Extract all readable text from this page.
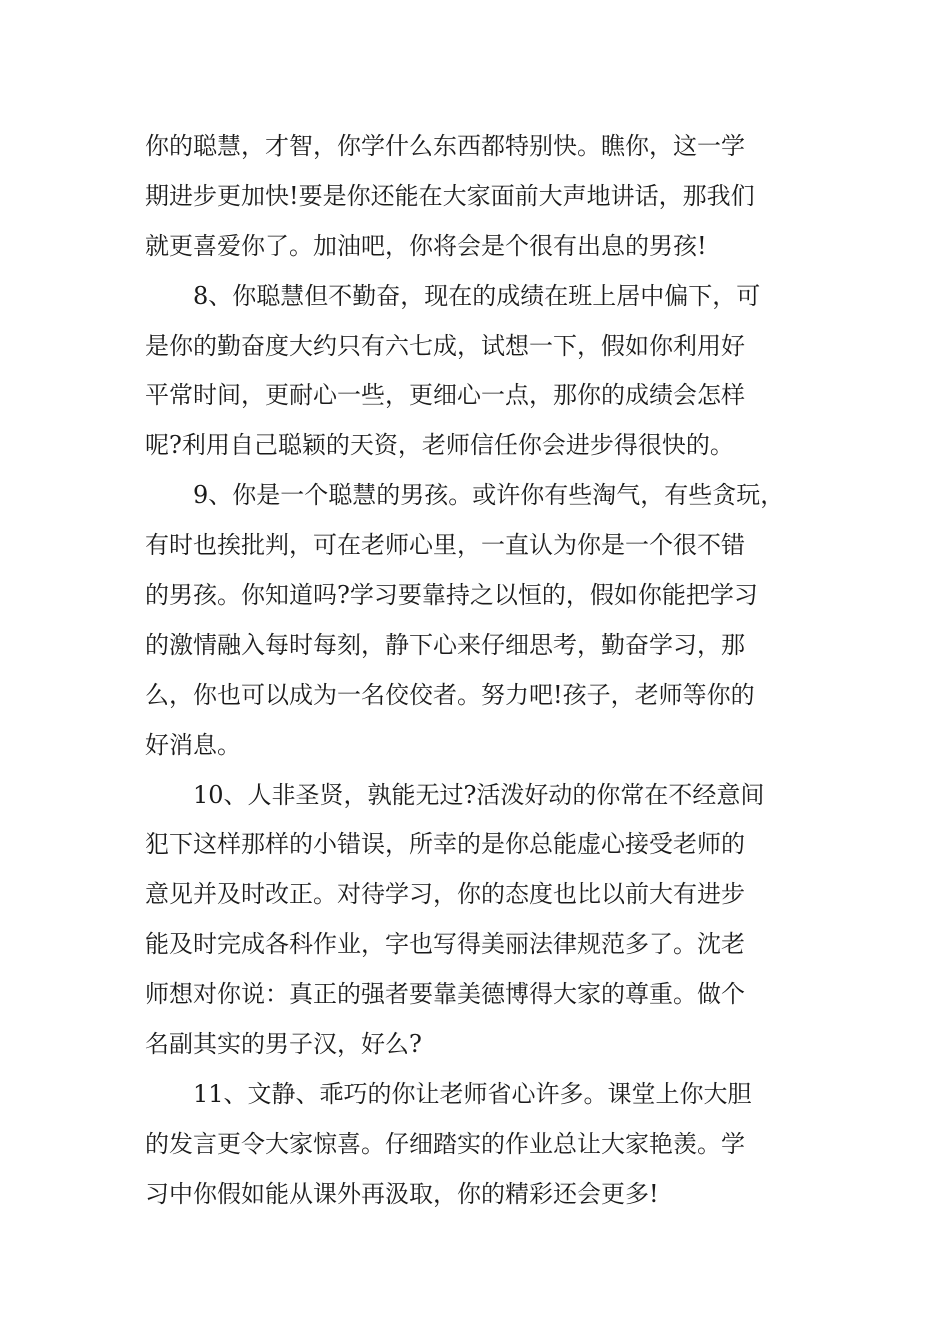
你的聪慧，才智，你学什么东西都特别快。瞧你，这一学
期进步更加快!要是你还能在大家面前大声地讲话，那我们
就更喜爱你了。加油吧，你将会是个很有出息的男孩!
8、你聪慧但不勤奋，现在的成绩在班上居中偏下，可
是你的勤奋度大约只有六七成，试想一下，假如你利用好
平常时间，更耐心一些，更细心一点，那你的成绩会怎样
呢?利用自己聪颖的天资，老师信任你会进步得很快的。
9、你是一个聪慧的男孩。或许你有些淘气，有些贪玩，
有时也挨批判，可在老师心里，一直认为你是一个很不错
的男孩。你知道吗?学习要靠持之以恒的，假如你能把学习
的激情融入每时每刻，静下心来仔细思考，勤奋学习，那
么，你也可以成为一名佼佼者。努力吧!孩子，老师等你的
好消息。
10、人非圣贤，孰能无过?活泼好动的你常在不经意间
犯下这样那样的小错误，所幸的是你总能虚心接受老师的
意见并及时改正。对待学习，你的态度也比以前大有进步
能及时完成各科作业，字也写得美丽法律规范多了。沈老
师想对你说：真正的强者要靠美德博得大家的尊重。做个
名副其实的男子汉，好么?
11、文静、乖巧的你让老师省心许多。课堂上你大胆
的发言更令大家惊喜。仔细踏实的作业总让大家艳羡。学
习中你假如能从课外再汲取，你的精彩还会更多!
